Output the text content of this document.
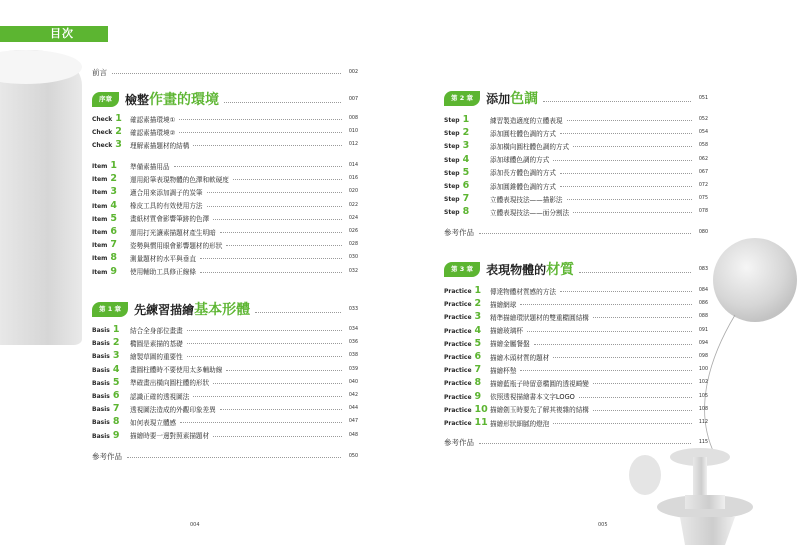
目次
前言	002
序章	檢整 作畫的環境	007
Check 1 確認素描環境①	008
Check 2 確認素描環境②	010
Check 3 理解素描題材的結構	012
Item 1 準備素描用品	014
Item 2 運用鉛筆表現物體的色澤和軟硬度	016
Item 3 適合用來添加調子的炭筆	020
Item 4 橡皮工具的有效使用方法	022
Item 5 畫紙材質會影響筆跡的色澤	024
Item 6 運用打光讓素描題材產生明暗	026
Item 7 姿勢與慣用眼會影響題材的形狀	028
Item 8 測量題材的水平與垂直	030
Item 9 使用輔助工具修正線條	032
第 1 章	先練習描繪 基本形體	033
Basis 1 結合全身部位畫畫	034
Basis 2 橢圓是素描的基礎	036
Basis 3 繪製草圖的重要性	038
Basis 4 畫圓柱體時不要使用太多輔助線	039
Basis 5 準確畫出橫向圓柱體的形狀	040
Basis 6 認識正確的透視圖法	042
Basis 7 透視圖法造成的外觀印象差異	044
Basis 8 如何表現立體感	047
Basis 9 描繪時要一邊對照素描題材	048
參考作品	050
004
第 2 章	添加 色調	051
Step 1	練習製造適度的立體表現	052
Step 2	添加圓柱體色調的方式	054
Step 3	添加橫向圓柱體色調的方式	058
Step 4	添加球體色調的方式	062
Step 5	添加長方體色調的方式	067
Step 6	添加圓錐體色調的方式	072
Step 7	立體表現技法——描影法	075
Step 8	立體表現技法——面分割法	078
參考作品	080
第 3 章	表現物體的 材質	083
Practice 1 傳達物體材質感的方法	084
Practice 2 描繪網球	086
Practice 3 精準描繪環狀題材的雙重橢圓結構	088
Practice 4 描繪玻璃杯	091
Practice 5 描繪金屬餐盤	094
Practice 6 描繪木頭材質的題材	098
Practice 7 描繪杯墊	100
Practice 8 描繪藍瓶子時留意橢圓的透視畸變	102
Practice 9 依照透視描繪書本文字LOGO	105
Practice 10 描繪劍玉時要先了解其複雜的結構	108
Practice 11 描繪形狀細膩的燈泡	112
參考作品	115
005
